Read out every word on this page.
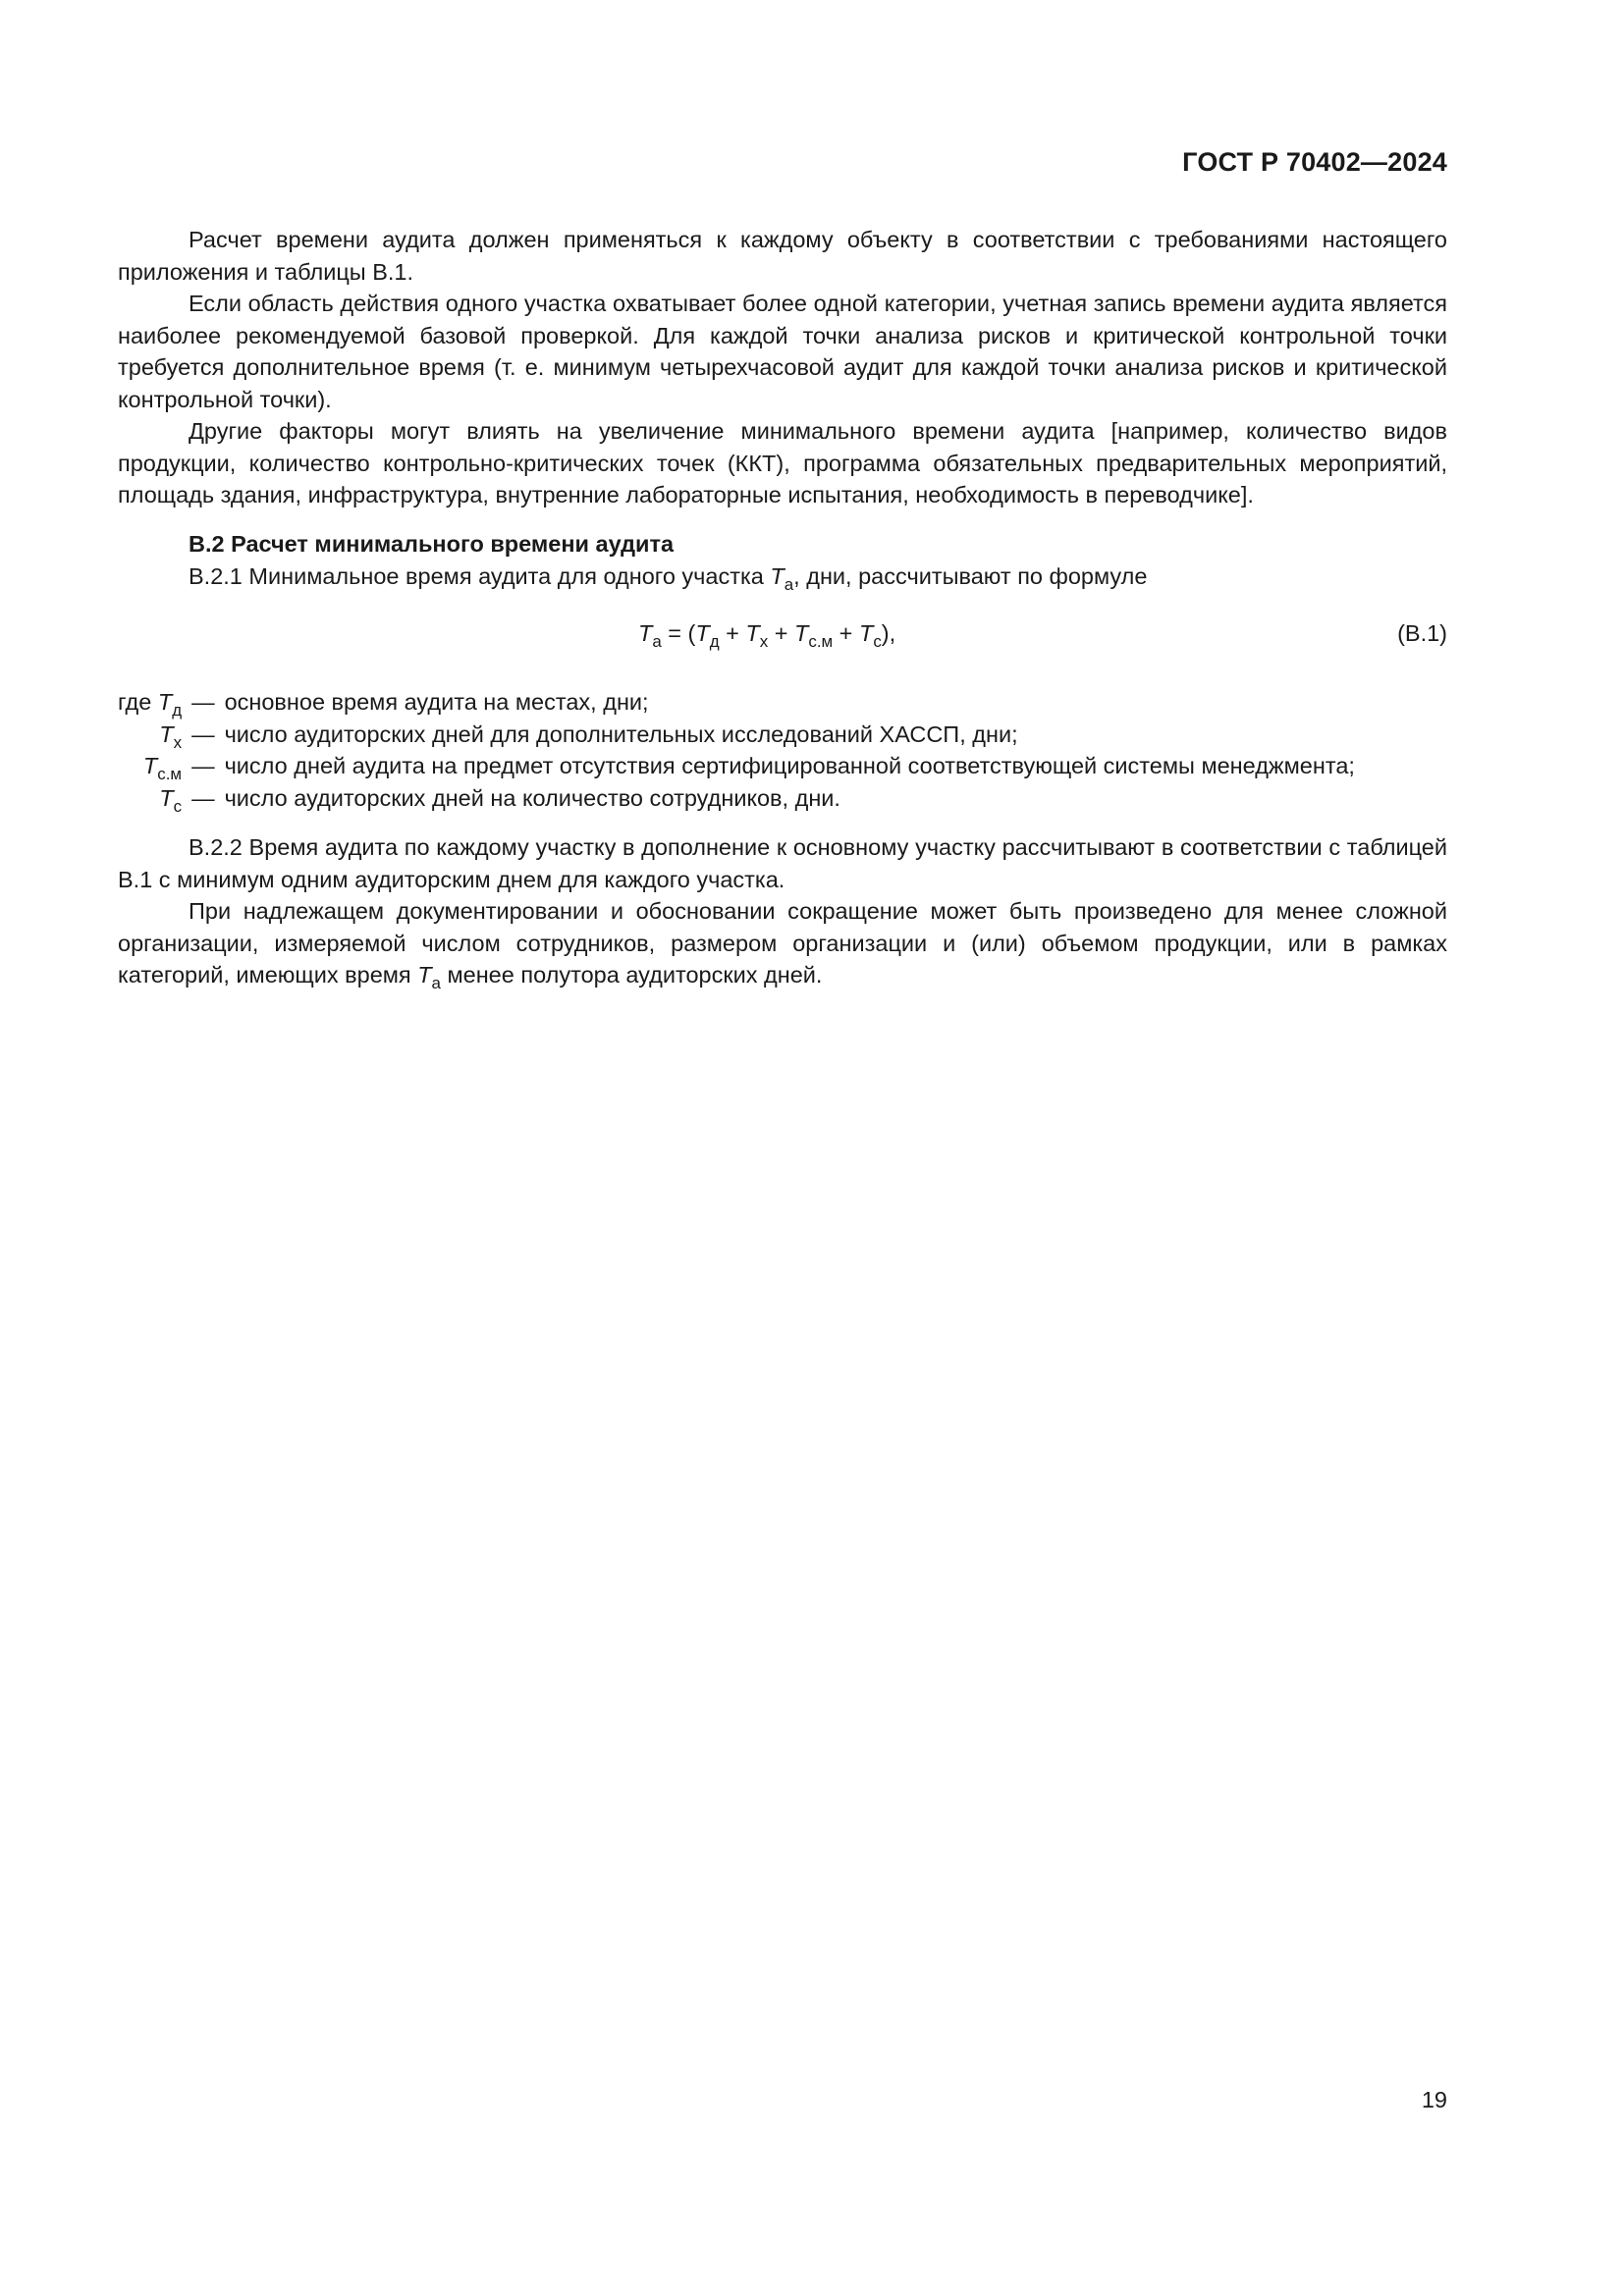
ГОСТ Р 70402—2024

Расчет времени аудита должен применяться к каждому объекту в соответствии с требованиями настоящего приложения и таблицы В.1.

Если область действия одного участка охватывает более одной категории, учетная запись времени аудита является наиболее рекомендуемой базовой проверкой. Для каждой точки анализа рисков и критической контрольной точки требуется дополнительное время (т. е. минимум четырехчасовой аудит для каждой точки анализа рисков и критической контрольной точки).

Другие факторы могут влиять на увеличение минимального времени аудита [например, количество видов продукции, количество контрольно-критических точек (ККТ), программа обязательных предварительных мероприятий, площадь здания, инфраструктура, внутренние лабораторные испытания, необходимость в переводчике].

В.2 Расчет минимального времени аудита

В.2.1 Минимальное время аудита для одного участка $T_а$, дни, рассчитывают по формуле

$T_а = (T_д + T_х + T_{с.м} + T_с)$,	(В.1)
где $T_д$	—	основное время аудита на местах, дни;
$T_х$	—	число аудиторских дней для дополнительных исследований ХАССП, дни;
$T_{с.м}$	—	число дней аудита на предмет отсутствия сертифицированной соответствующей системы менеджмента;
$T_с$	—	число аудиторских дней на количество сотрудников, дни.

В.2.2 Время аудита по каждому участку в дополнение к основному участку рассчитывают в соответствии с таблицей В.1 с минимум одним аудиторским днем для каждого участка.

При надлежащем документировании и обосновании сокращение может быть произведено для менее сложной организации, измеряемой числом сотрудников, размером организации и (или) объемом продукции, или в рамках категорий, имеющих время $T_а$ менее полутора аудиторских дней.

19
